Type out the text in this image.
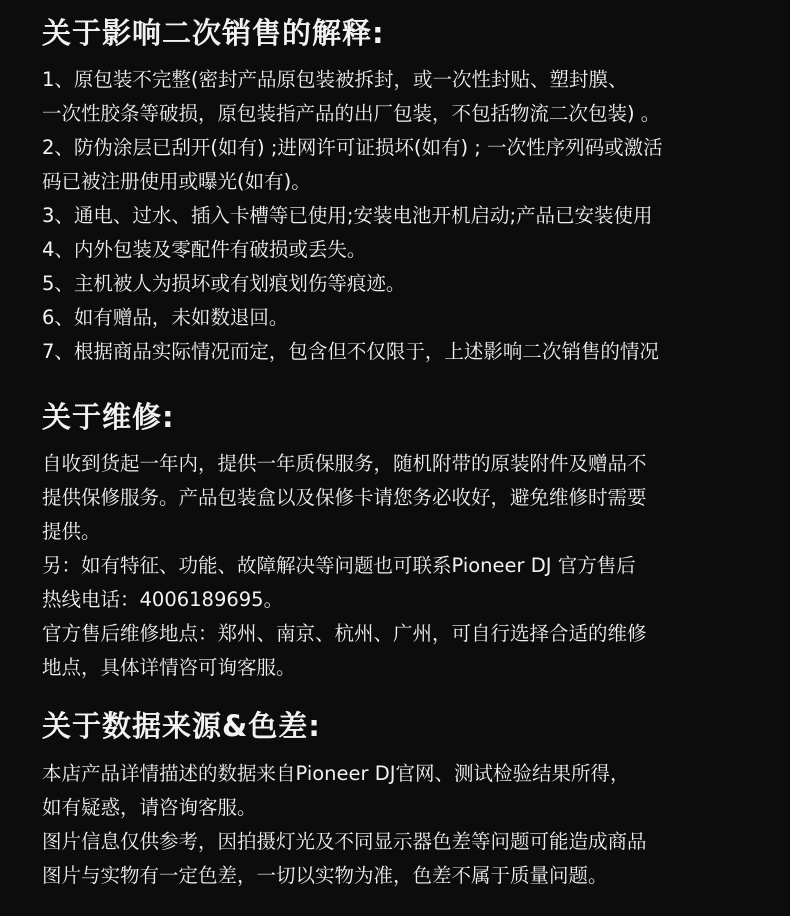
关于影响二次销售的解释:

1、原包装不完整(密封产品原包装被拆封，或一次性封贴、塑封膜、

一次性胶条等破损，原包装指产品的出厂包装，不包括物流二次包装) 。

2、防伪涂层已刮开(如有) ;进网许可证损坏(如有) ; 一次性序列码或激活

码已被注册使用或曝光(如有)。

3、通电、过水、插入卡槽等已使用;安装电池开机启动;产品已安装使用

4、内外包装及零配件有破损或丢失。

5、主机被人为损坏或有划痕划伤等痕迹。

6、如有赠品，未如数退回。

7、根据商品实际情况而定，包含但不仅限于，上述影响二次销售的情况

关于维修:

自收到货起一年内，提供一年质保服务，随机附带的原装附件及赠品不

提供保修服务。产品包装盒以及保修卡请您务必收好，避免维修时需要

提供。

另：如有特征、功能、故障解决等问题也可联系Pioneer DJ 官方售后

热线电话：4006189695。

官方售后维修地点：郑州、南京、杭州、广州，可自行选择合适的维修

地点，具体详情咨可询客服。

关于数据来源&色差:

本店产品详情描述的数据来自Pioneer DJ官网、测试检验结果所得，

如有疑惑，请咨询客服。

图片信息仅供参考，因拍摄灯光及不同显示器色差等问题可能造成商品

图片与实物有一定色差，一切以实物为准，色差不属于质量问题。
